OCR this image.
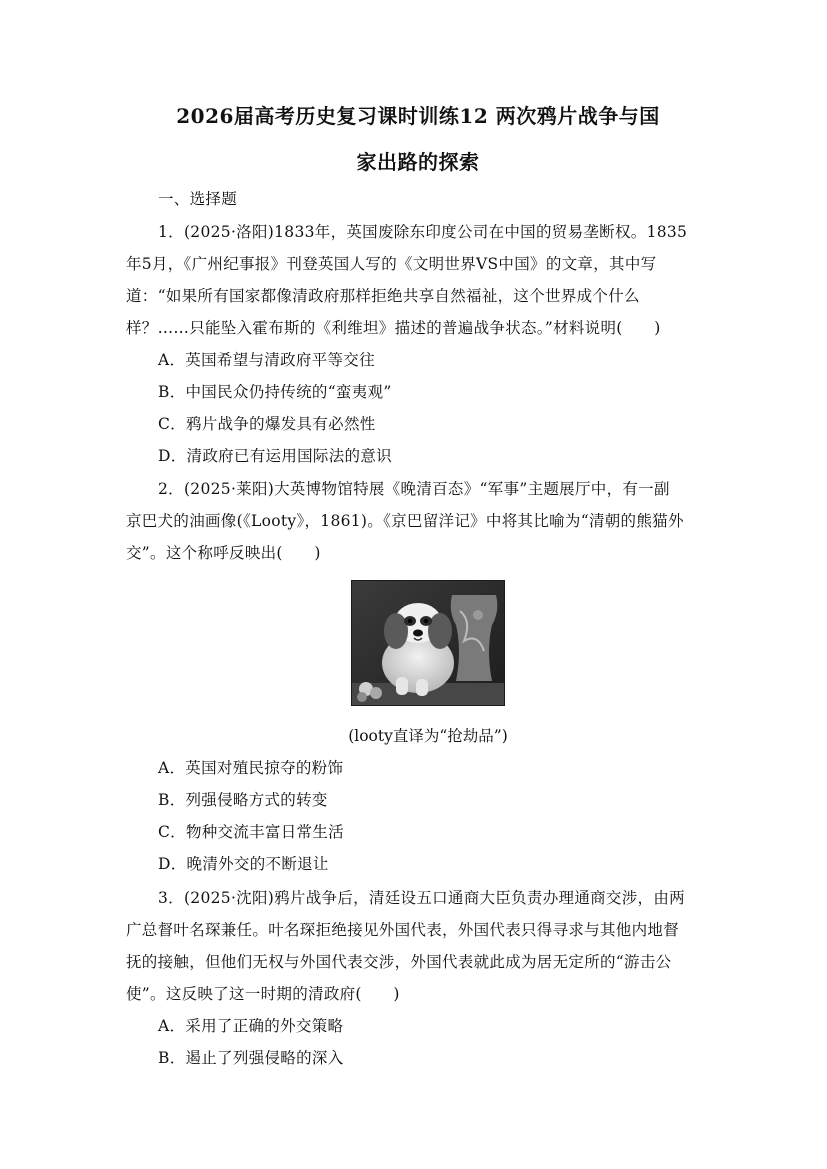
2026届高考历史复习课时训练12 两次鸦片战争与国
家出路的探索
一、选择题
1．(2025·洛阳)1833年，英国废除东印度公司在中国的贸易垄断权。1835
年5月，《广州纪事报》刊登英国人写的《文明世界VS中国》的文章，其中写
道：“如果所有国家都像清政府那样拒绝共享自然福祉，这个世界成个什么
样？……只能坠入霍布斯的《利维坦》描述的普遍战争状态。”材料说明(　　)
A．英国希望与清政府平等交往
B．中国民众仍持传统的“蛮夷观”
C．鸦片战争的爆发具有必然性
D．清政府已有运用国际法的意识
2．(2025·莱阳)大英博物馆特展《晚清百态》“军事”主题展厅中，有一副
京巴犬的油画像(《Looty》，1861)。《京巴留洋记》中将其比喻为“清朝的熊猫外
交”。这个称呼反映出(　　)
(looty直译为“抢劫品”)
A．英国对殖民掠夺的粉饰
B．列强侵略方式的转变
C．物种交流丰富日常生活
D．晚清外交的不断退让
3．(2025·沈阳)鸦片战争后，清廷设五口通商大臣负责办理通商交涉，由两
广总督叶名琛兼任。叶名琛拒绝接见外国代表，外国代表只得寻求与其他内地督
抚的接触，但他们无权与外国代表交涉，外国代表就此成为居无定所的“游击公
使”。这反映了这一时期的清政府(　　)
A．采用了正确的外交策略
B．遏止了列强侵略的深入
